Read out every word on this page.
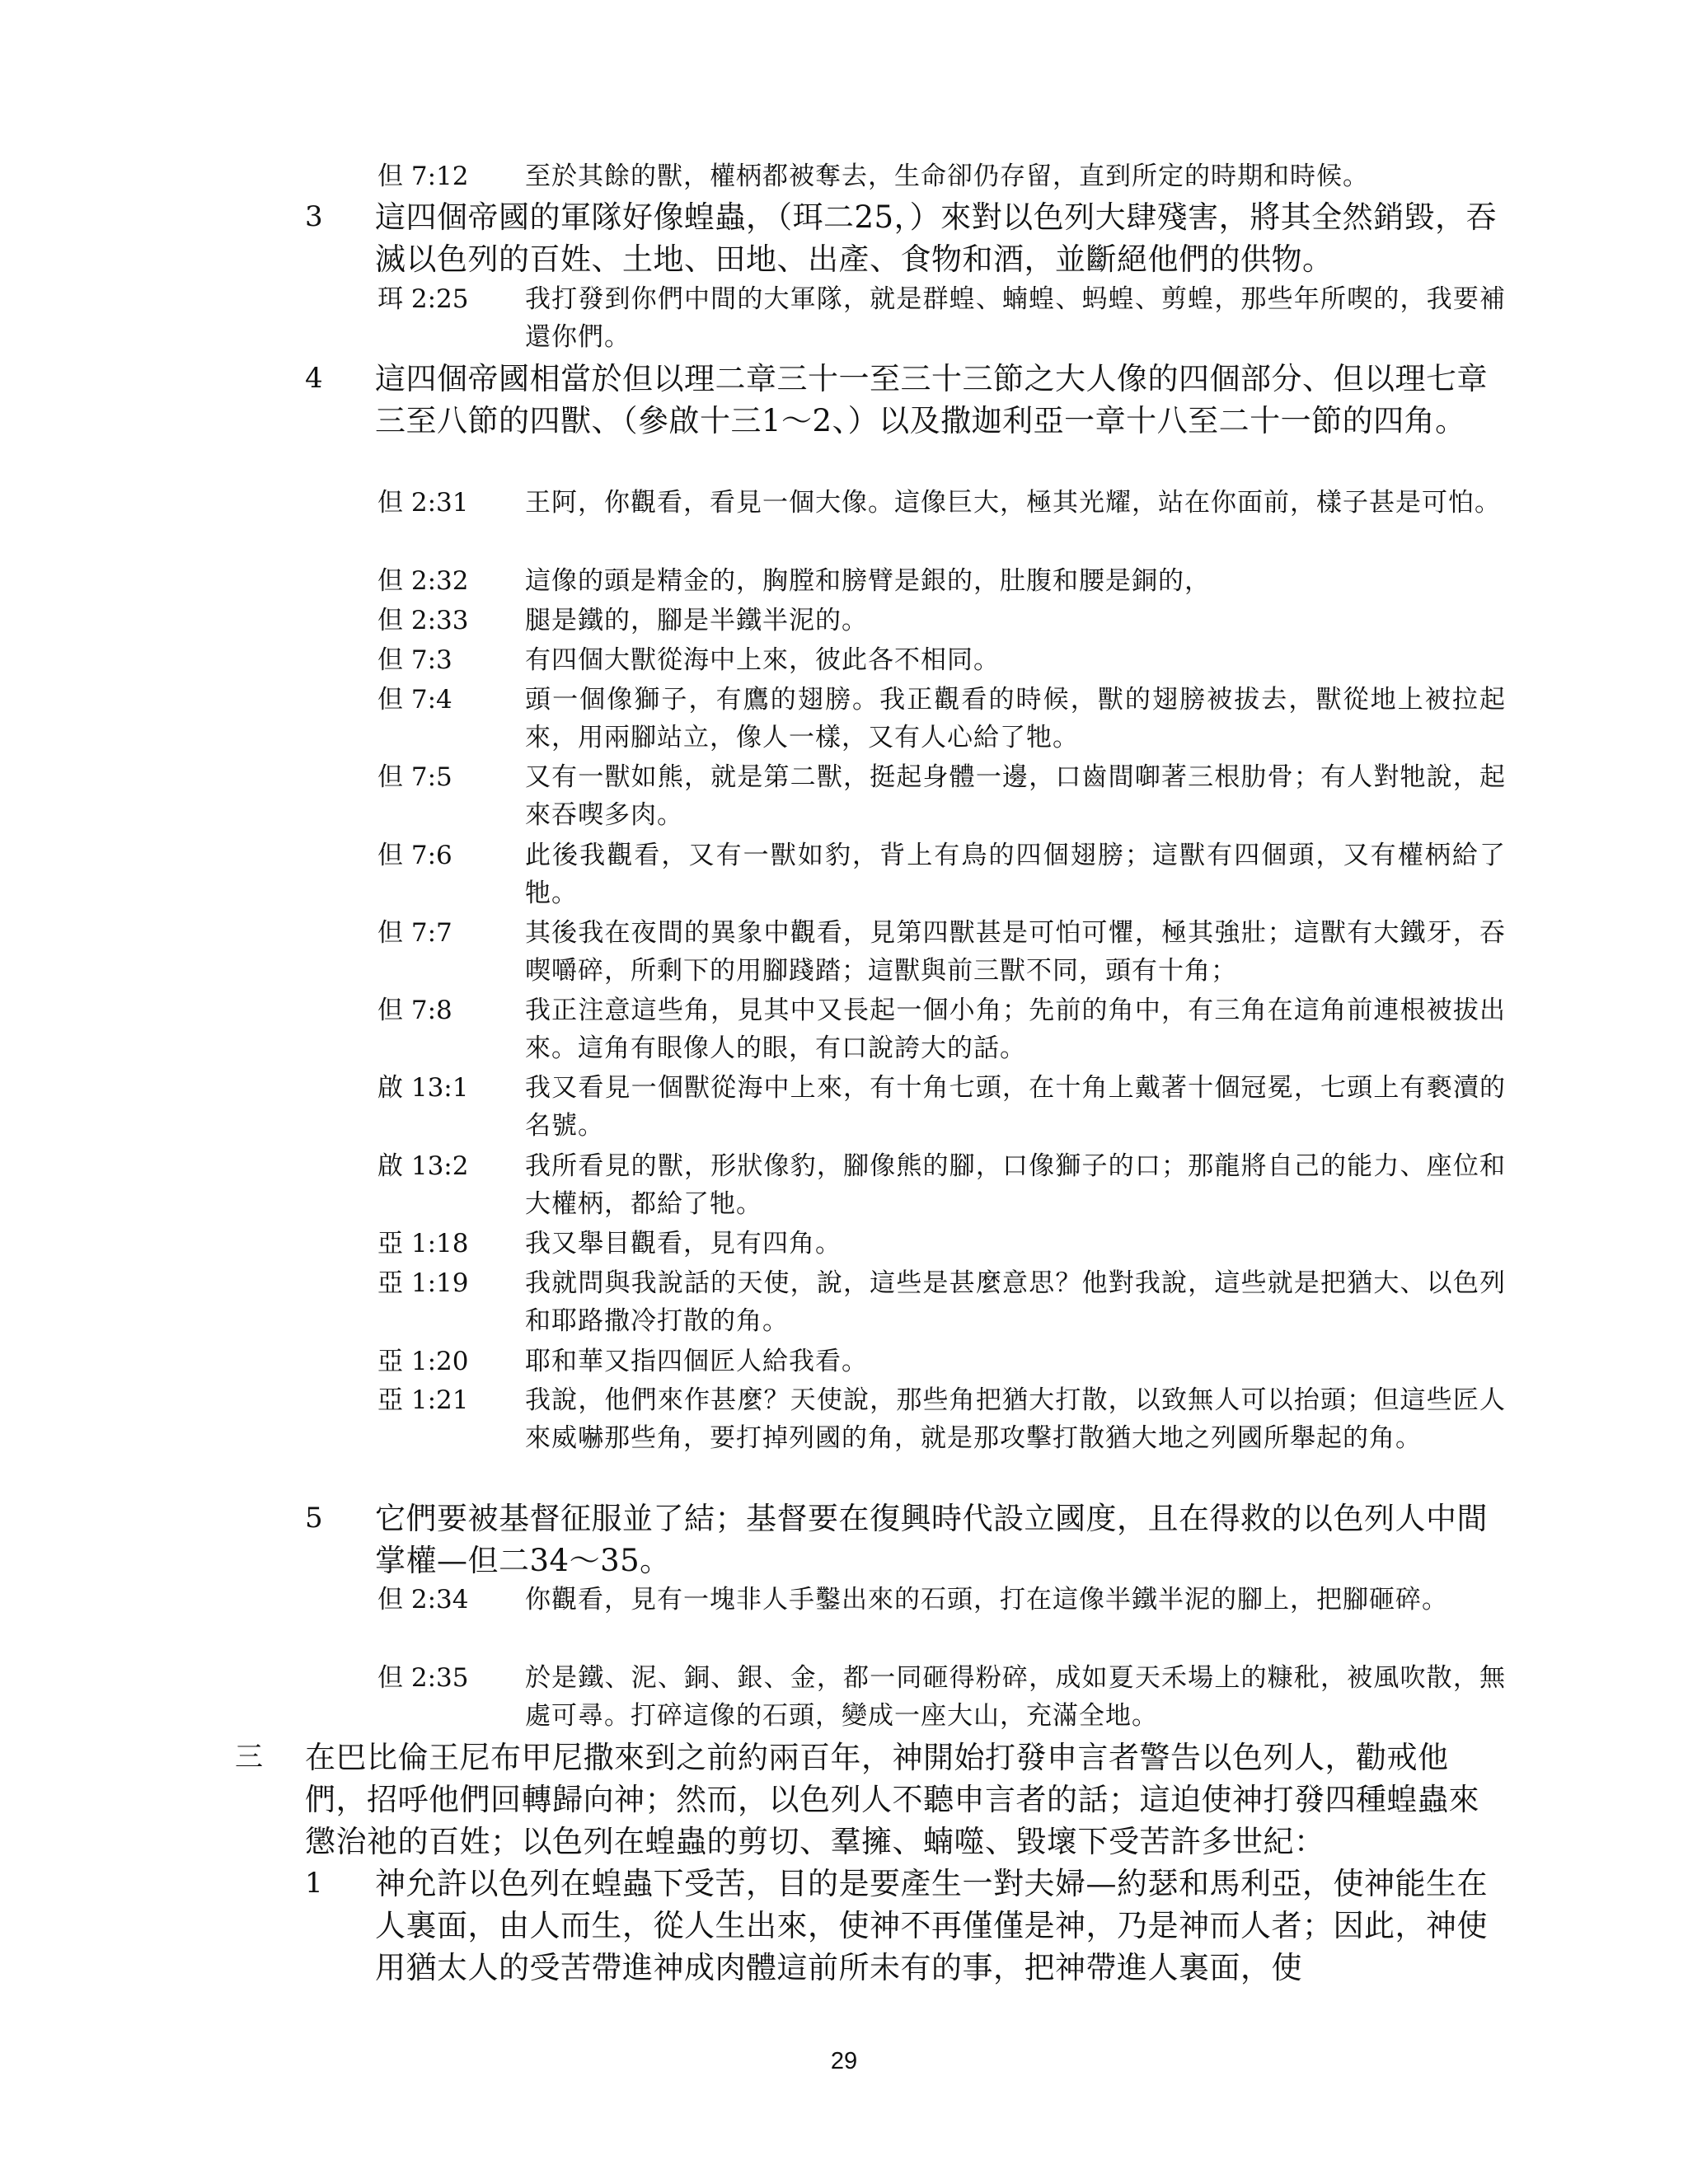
但 7:12	至於其餘的獸，權柄都被奪去，生命卻仍存留，直到所定的時期和時候。
3 這四個帝國的軍隊好像蝗蟲，（珥二25，）來對以色列大肆殘害，將其全然銷毀，吞滅以色列的百姓、土地、田地、出產、食物和酒，並斷絕他們的供物。
珥 2:25	我打發到你們中間的大軍隊，就是群蝗、蝻蝗、蚂蝗、剪蝗，那些年所喫的，我要補還你們。
4 這四個帝國相當於但以理二章三十一至三十三節之大人像的四個部分、但以理七章三至八節的四獸、（參啟十三1～2、）以及撒迦利亞一章十八至二十一節的四角。
但 2:31	王阿，你觀看，看見一個大像。這像巨大，極其光耀，站在你面前，樣子甚是可怕。
但 2:32	這像的頭是精金的，胸膛和膀臂是銀的，肚腹和腰是銅的，
但 2:33	腿是鐵的，腳是半鐵半泥的。
但 7:3	有四個大獸從海中上來，彼此各不相同。
但 7:4	頭一個像獅子，有鷹的翅膀。我正觀看的時候，獸的翅膀被拔去，獸從地上被拉起來，用兩腳站立，像人一樣，又有人心給了牠。
但 7:5	又有一獸如熊，就是第二獸，挺起身體一邊，口齒間啣著三根肋骨；有人對牠說，起來吞喫多肉。
但 7:6	此後我觀看，又有一獸如豹，背上有鳥的四個翅膀；這獸有四個頭，又有權柄給了牠。
但 7:7	其後我在夜間的異象中觀看，見第四獸甚是可怕可懼，極其強壯；這獸有大鐵牙，吞喫嚼碎，所剩下的用腳踐踏；這獸與前三獸不同，頭有十角；
但 7:8	我正注意這些角，見其中又長起一個小角；先前的角中，有三角在這角前連根被拔出來。這角有眼像人的眼，有口說誇大的話。
啟 13:1	我又看見一個獸從海中上來，有十角七頭，在十角上戴著十個冠冕，七頭上有褻瀆的名號。
啟 13:2	我所看見的獸，形狀像豹，腳像熊的腳，口像獅子的口；那龍將自己的能力、座位和大權柄，都給了牠。
亞 1:18	我又舉目觀看，見有四角。
亞 1:19	我就問與我說話的天使，說，這些是甚麼意思？他對我說，這些就是把猶大、以色列和耶路撒冷打散的角。
亞 1:20	耶和華又指四個匠人給我看。
亞 1:21	我說，他們來作甚麼？天使說，那些角把猶大打散，以致無人可以抬頭；但這些匠人來威嚇那些角，要打掉列國的角，就是那攻擊打散猶大地之列國所舉起的角。
5 它們要被基督征服並了結；基督要在復興時代設立國度，且在得救的以色列人中間掌權—但二34～35。
但 2:34	你觀看，見有一塊非人手鑿出來的石頭，打在這像半鐵半泥的腳上，把腳砸碎。
但 2:35	於是鐵、泥、銅、銀、金，都一同砸得粉碎，成如夏天禾場上的糠秕，被風吹散，無處可尋。打碎這像的石頭，變成一座大山，充滿全地。
三 在巴比倫王尼布甲尼撒來到之前約兩百年，神開始打發申言者警告以色列人，勸戒他們，招呼他們回轉歸向神；然而，以色列人不聽申言者的話；這迫使神打發四種蝗蟲來懲治祂的百姓；以色列在蝗蟲的剪切、羣擁、蝻噬、毀壞下受苦許多世紀：
1 神允許以色列在蝗蟲下受苦，目的是要產生一對夫婦—約瑟和馬利亞，使神能生在人裏面，由人而生，從人生出來，使神不再僅僅是神，乃是神而人者；因此，神使用猶太人的受苦帶進神成肉體這前所未有的事，把神帶進人裏面，使
29
